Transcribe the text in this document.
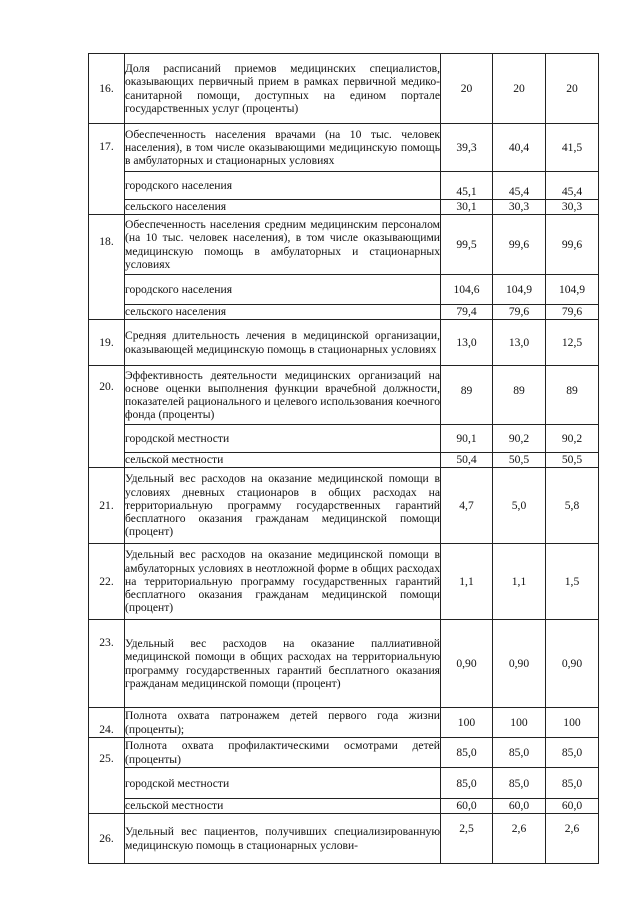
16.	Доля расписаний приемов медицинских специалистов, оказывающих первичный прием в рамках первичной медико-санитарной помощи, доступных на едином портале государственных услуг (проценты)	20	20	20
17.	Обеспеченность населения врачами (на 10 тыс. человек населения), в том числе оказывающими медицинскую помощь в амбулаторных и стационарных условиях	39,3	40,4	41,5
	городского населения	45,1	45,4	45,4
	сельского населения	30,1	30,3	30,3
18.	Обеспеченность населения средним медицинским персоналом (на 10 тыс. человек населения), в том числе оказывающими медицинскую помощь в амбулаторных и стационарных условиях	99,5	99,6	99,6
	городского населения	104,6	104,9	104,9
	сельского населения	79,4	79,6	79,6
19.	Средняя длительность лечения в медицинской организации, оказывающей медицинскую помощь в стационарных условиях	13,0	13,0	12,5
20.	Эффективность деятельности медицинских организаций на основе оценки выполнения функции врачебной должности, показателей рационального и целевого использования коечного фонда (проценты)	89	89	89
	городской местности	90,1	90,2	90,2
	сельской местности	50,4	50,5	50,5
21.	Удельный вес расходов на оказание медицинской помощи в условиях дневных стационаров в общих расходах на территориальную программу государственных гарантий бесплатного оказания гражданам медицинской помощи (процент)	4,7	5,0	5,8
22.	Удельный вес расходов на оказание медицинской помощи в амбулаторных условиях в неотложной форме в общих расходах на территориальную программу государственных гарантий бесплатного оказания гражданам медицинской помощи (процент)	1,1	1,1	1,5
23.	Удельный вес расходов на оказание паллиативной медицинской помощи в общих расходах на территориальную программу государственных гарантий бесплатного оказания гражданам медицинской помощи (процент)	0,90	0,90	0,90
24.	Полнота охвата патронажем детей первого года жизни (проценты);	100	100	100
25.	Полнота охвата профилактическими осмотрами детей (проценты)	85,0	85,0	85,0
	городской местности	85,0	85,0	85,0
	сельской местности	60,0	60,0	60,0
26.	Удельный вес пациентов, получивших специализированную медицинскую помощь в стационарных услови-	2,5	2,6	2,6
